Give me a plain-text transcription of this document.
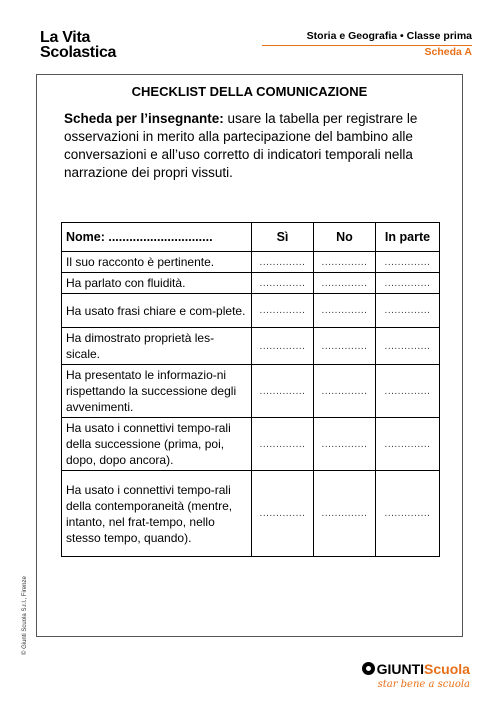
La Vita
Scolastica
Storia e Geografia • Classe prima
Scheda A
CHECKLIST DELLA COMUNICAZIONE
Scheda per l’insegnante: usare la tabella per registrare le osservazioni in merito alla partecipazione del bambino alle conversazioni e all’uso corretto di indicatori temporali nella narrazione dei propri vissuti.
Nome: ..............................	Sì	No	In parte
Il suo racconto è pertinente.	..............	..............	..............
Ha parlato con fluidità.	..............	..............	..............
Ha usato frasi chiare e com-plete.	..............	..............	..............
Ha dimostrato proprietà les-sicale.	..............	..............	..............
Ha presentato le informazio-ni rispettando la successione degli avvenimenti.	..............	..............	..............
Ha usato i connettivi tempo-rali della successione (prima, poi, dopo, dopo ancora).	..............	..............	..............
Ha usato i connettivi tempo-rali della contemporaneità (mentre, intanto, nel frat-tempo, nello stesso tempo, quando).	..............	..............	..............
© Giunti Scuola S.r.l., Firenze
GIUNTIScuola
star bene a scuola
